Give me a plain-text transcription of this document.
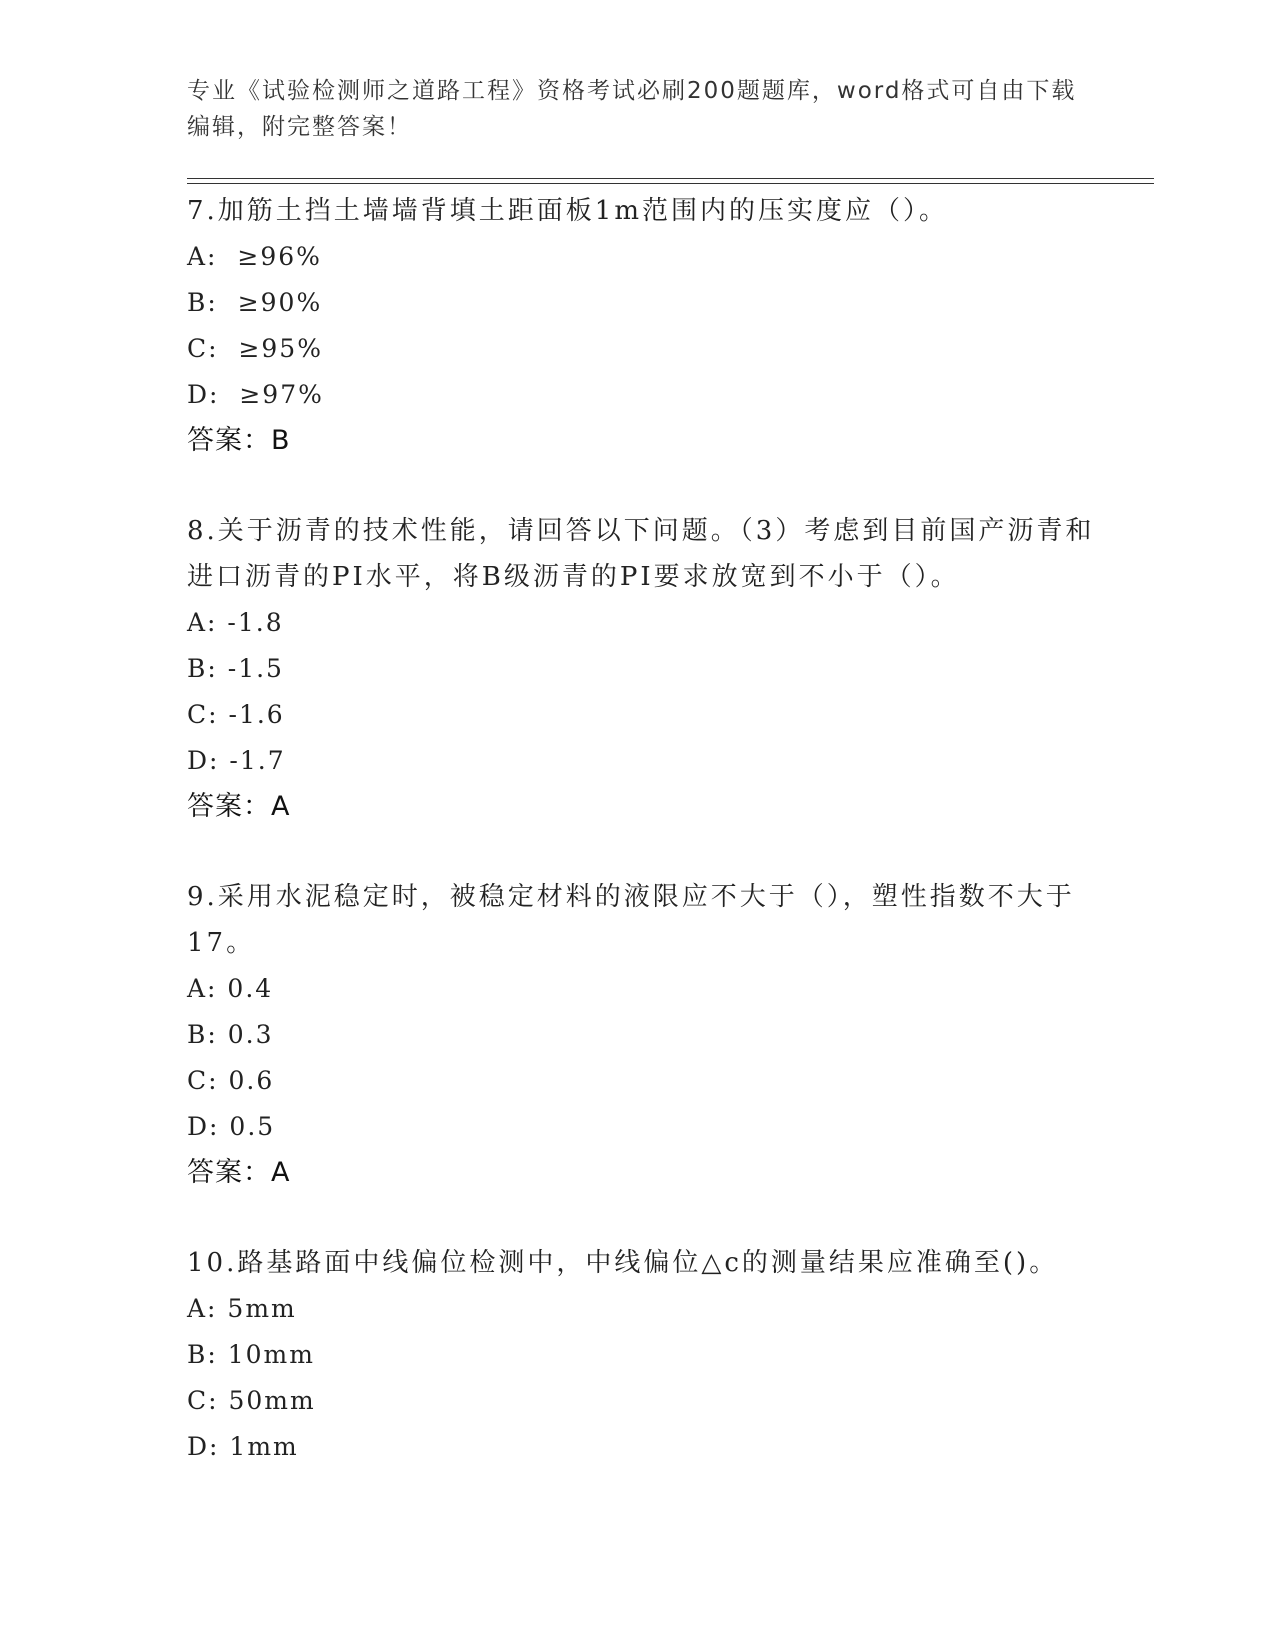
专业《试验检测师之道路工程》资格考试必刷200题题库，word格式可自由下载编辑，附完整答案！
7.加筋土挡土墙墙背填土距面板1m范围内的压实度应（）。
A:  ≥96%
B:  ≥90%
C:  ≥95%
D:  ≥97%
答案：B
8.关于沥青的技术性能，请回答以下问题。（3）考虑到目前国产沥青和进口沥青的PI水平，将B级沥青的PI要求放宽到不小于（）。
A: -1.8
B: -1.5
C: -1.6
D: -1.7
答案：A
9.采用水泥稳定时，被稳定材料的液限应不大于（），塑性指数不大于17。
A: 0.4
B: 0.3
C: 0.6
D: 0.5
答案：A
10.路基路面中线偏位检测中，中线偏位△c的测量结果应准确至()。
A: 5mm
B: 10mm
C: 50mm
D: 1mm
